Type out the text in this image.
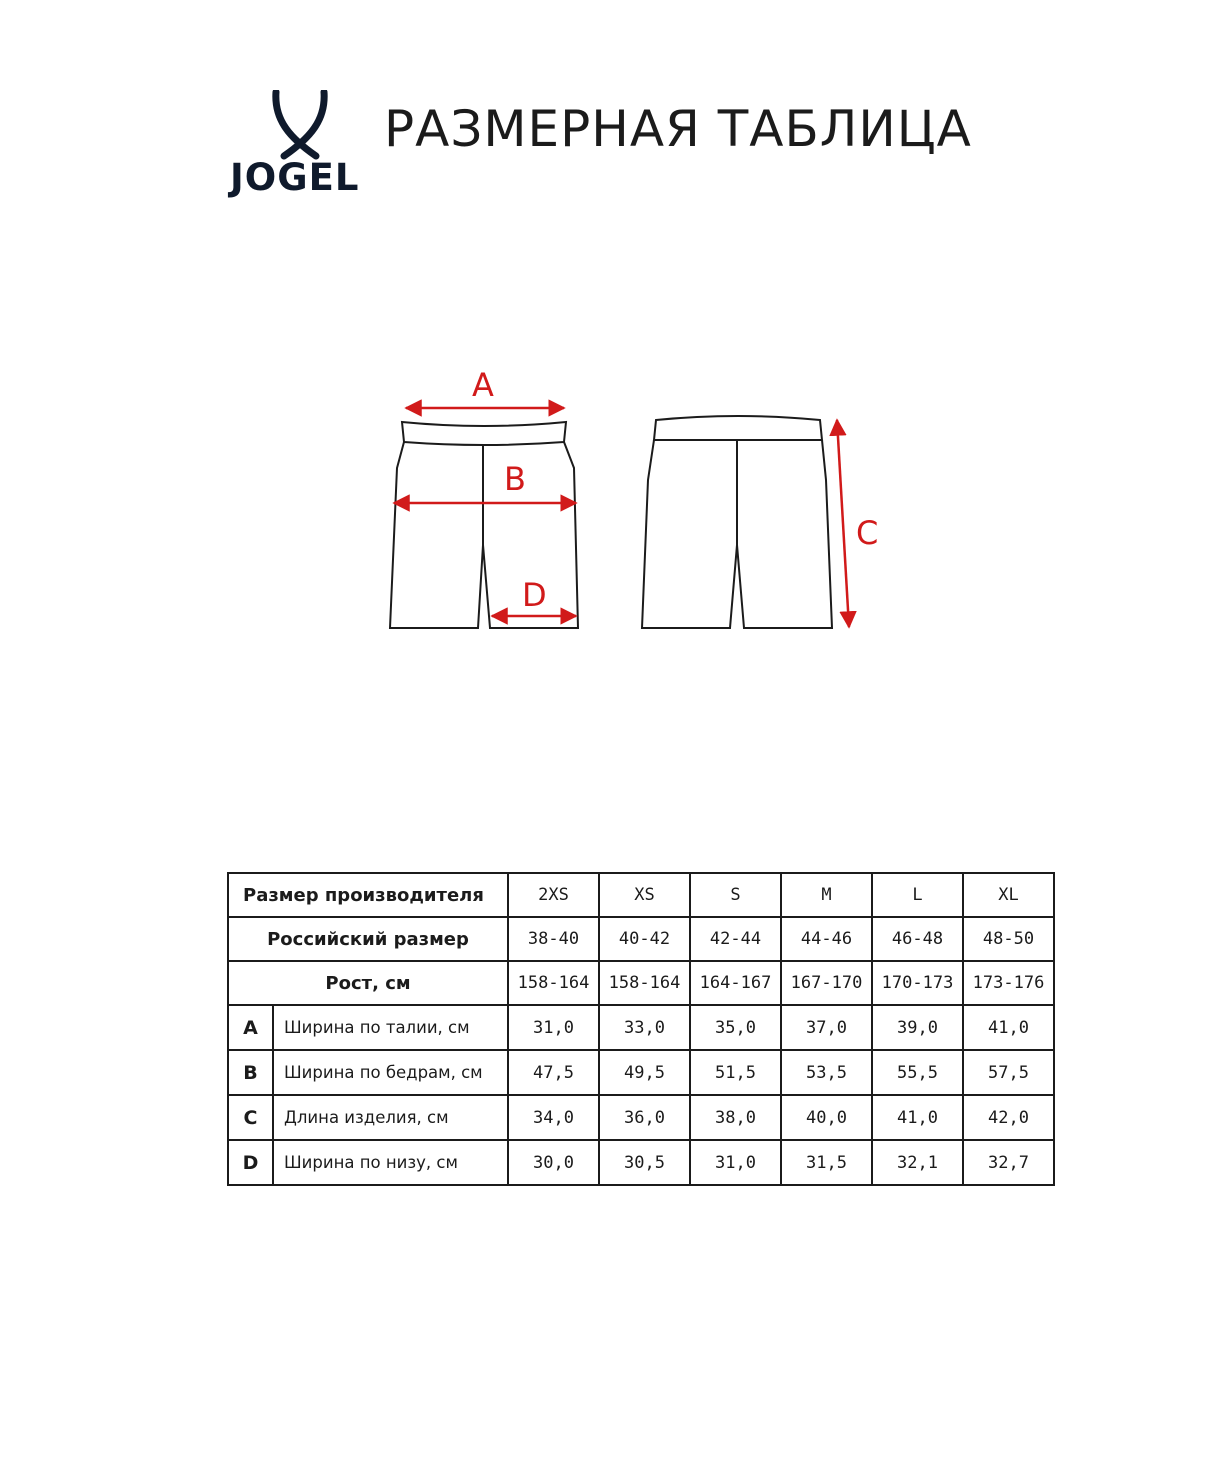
JOGEL
РАЗМЕРНАЯ ТАБЛИЦА
A
B
D
C
Размер производителя		2XS	XS	S	M	L	XL
Российский размер		38-40	40-42	42-44	44-46	46-48	48-50
Рост, см		158-164	158-164	164-167	167-170	170-173	173-176
A	Ширина по талии, см	31,0	33,0	35,0	37,0	39,0	41,0
B	Ширина по бедрам, см	47,5	49,5	51,5	53,5	55,5	57,5
C	Длина изделия, см	34,0	36,0	38,0	40,0	41,0	42,0
D	Ширина по низу, см	30,0	30,5	31,0	31,5	32,1	32,7
